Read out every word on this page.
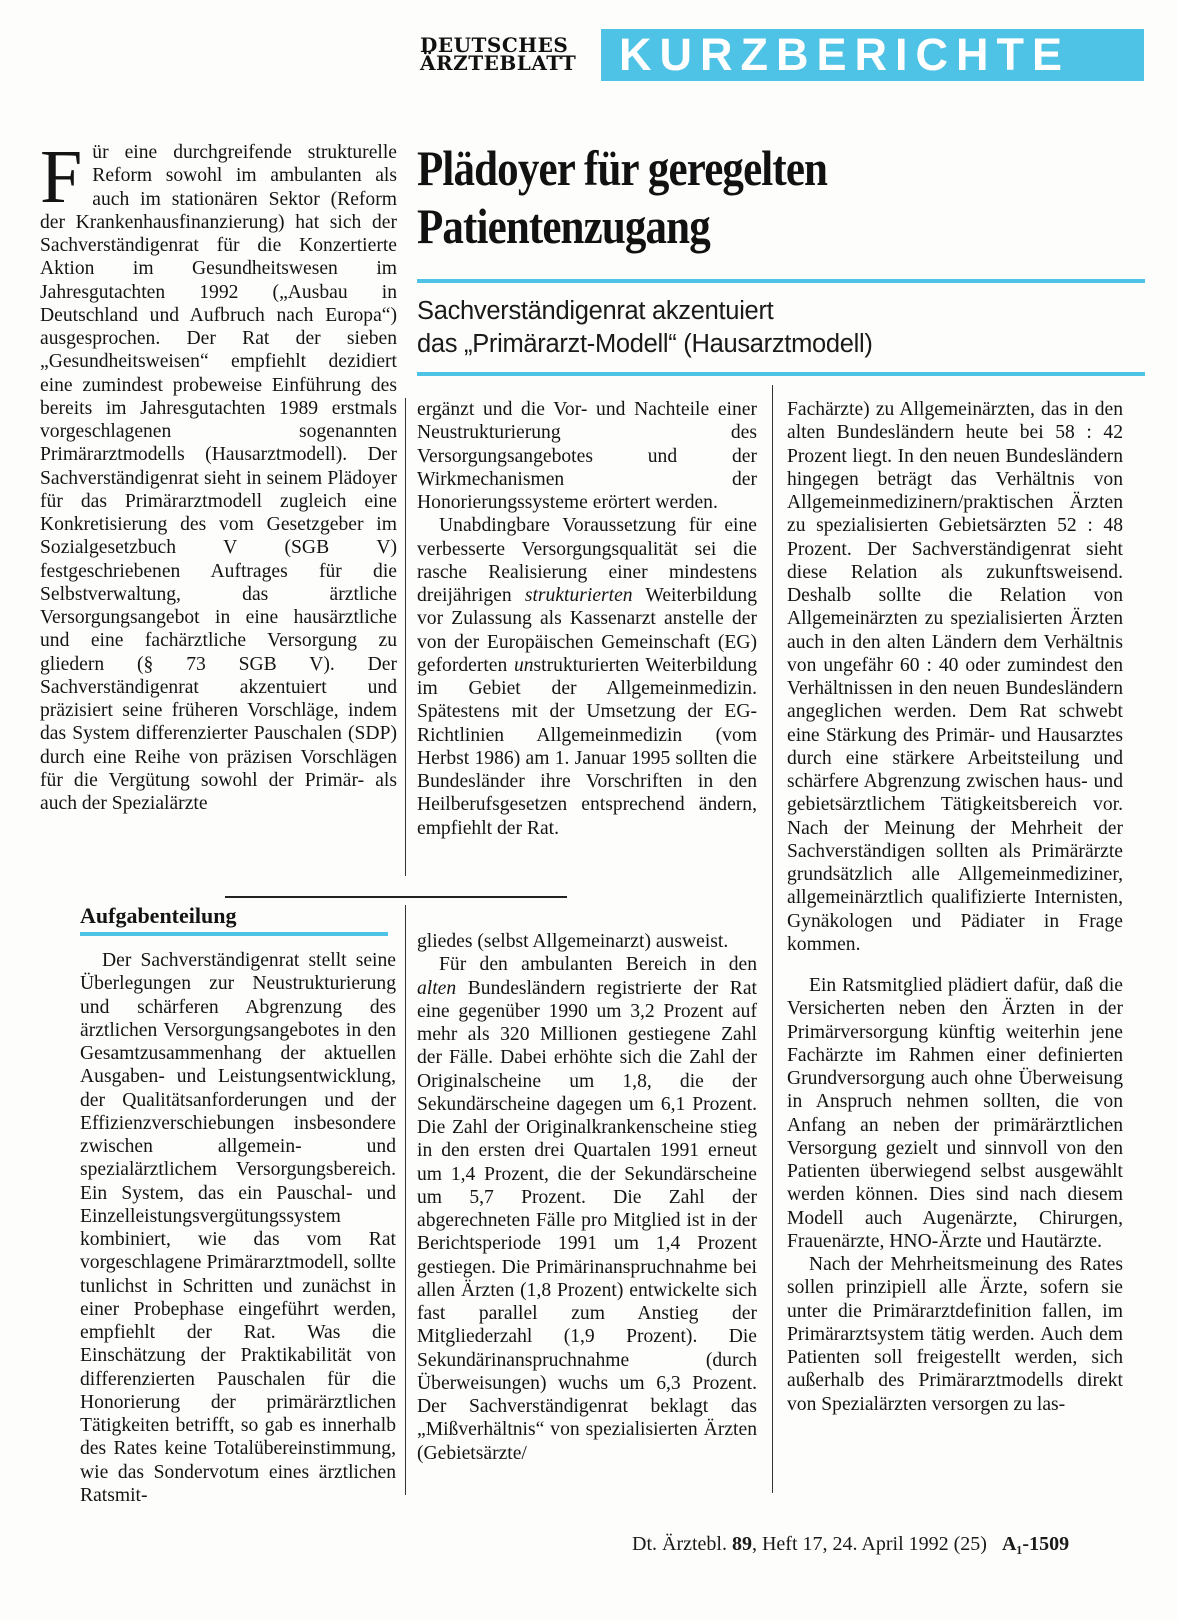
DEUTSCHES
ÄRZTEBLATT KURZBERICHTE
Plädoyer für geregelten
Patientenzugang
Sachverständigenrat akzentuiert
das „Primärarzt-Modell“ (Hausarztmodell)
F ür eine durchgreifende strukturelle Reform sowohl im ambulanten als auch im stationären Sektor (Reform der Krankenhausfinanzierung) hat sich der Sachverständigenrat für die Konzertierte Aktion im Gesundheitswesen im Jahresgutachten 1992 („Ausbau in Deutschland und Aufbruch nach Europa“) ausgesprochen. Der Rat der sieben „Gesundheitsweisen“ empfiehlt dezidiert eine zumindest probeweise Einführung des bereits im Jahresgutachten 1989 erstmals vorgeschlagenen sogenannten Primärarztmodells (Hausarztmodell). Der Sachverständigenrat sieht in seinem Plädoyer für das Primärarztmodell zugleich eine Konkretisierung des vom Gesetzgeber im Sozialgesetzbuch V (SGB V) festgeschriebenen Auftrages für die Selbstverwaltung, das ärztliche Versorgungsangebot in eine hausärztliche und eine fachärztliche Versorgung zu gliedern (§ 73 SGB V). Der Sachverständigenrat akzentuiert und präzisiert seine früheren Vorschläge, indem das System differenzierter Pauschalen (SDP) durch eine Reihe von präzisen Vorschlägen für die Vergütung sowohl der Primär- als auch der Spezialärzte

ergänzt und die Vor- und Nachteile einer Neustrukturierung des Versorgungsangebotes und der Wirkmechanismen der Honorierungssysteme erörtert werden.

Unabdingbare Voraussetzung für eine verbesserte Versorgungsqualität sei die rasche Realisierung einer mindestens dreijährigen strukturierten Weiterbildung vor Zulassung als Kassenarzt anstelle der von der Europäischen Gemeinschaft (EG) geforderten unstrukturierten Weiterbildung im Gebiet der Allgemeinmedizin. Spätestens mit der Umsetzung der EG-Richtlinien Allgemeinmedizin (vom Herbst 1986) am 1. Januar 1995 sollten die Bundesländer ihre Vorschriften in den Heilberufsgesetzen entsprechend ändern, empfiehlt der Rat.

Fachärzte) zu Allgemeinärzten, das in den alten Bundesländern heute bei 58 : 42 Prozent liegt. In den neuen Bundesländern hingegen beträgt das Verhältnis von Allgemeinmedizinern/praktischen Ärzten zu spezialisierten Gebietsärzten 52 : 48 Prozent. Der Sachverständigenrat sieht diese Relation als zukunftsweisend. Deshalb sollte die Relation von Allgemeinärzten zu spezialisierten Ärzten auch in den alten Ländern dem Verhältnis von ungefähr 60 : 40 oder zumindest den Verhältnissen in den neuen Bundesländern angeglichen werden. Dem Rat schwebt eine Stärkung des Primär- und Hausarztes durch eine stärkere Arbeitsteilung und schärfere Abgrenzung zwischen haus- und gebietsärztlichem Tätigkeitsbereich vor. Nach der Meinung der Mehrheit der Sachverständigen sollten als Primärärzte grundsätzlich alle Allgemeinmediziner, allgemeinärztlich qualifizierte Internisten, Gynäkologen und Pädiater in Frage kommen.

Aufgabenteilung

Der Sachverständigenrat stellt seine Überlegungen zur Neustrukturierung und schärferen Abgrenzung des ärztlichen Versorgungsangebotes in den Gesamtzusammenhang der aktuellen Ausgaben- und Leistungsentwicklung, der Qualitätsanforderungen und der Effizienzverschiebungen insbesondere zwischen allgemein- und spezialärztlichem Versorgungsbereich. Ein System, das ein Pauschal- und Einzelleistungsvergütungssystem kombiniert, wie das vom Rat vorgeschlagene Primärarztmodell, sollte tunlichst in Schritten und zunächst in einer Probephase eingeführt werden, empfiehlt der Rat. Was die Einschätzung der Praktikabilität von differenzierten Pauschalen für die Honorierung der primärärztlichen Tätigkeiten betrifft, so gab es innerhalb des Rates keine Totalübereinstimmung, wie das Sondervotum eines ärztlichen Ratsmit-

gliedes (selbst Allgemeinarzt) ausweist.

Für den ambulanten Bereich in den alten Bundesländern registrierte der Rat eine gegenüber 1990 um 3,2 Prozent auf mehr als 320 Millionen gestiegene Zahl der Fälle. Dabei erhöhte sich die Zahl der Originalscheine um 1,8, die der Sekundärscheine dagegen um 6,1 Prozent. Die Zahl der Originalkrankenscheine stieg in den ersten drei Quartalen 1991 erneut um 1,4 Prozent, die der Sekundärscheine um 5,7 Prozent. Die Zahl der abgerechneten Fälle pro Mitglied ist in der Berichtsperiode 1991 um 1,4 Prozent gestiegen. Die Primärinanspruchnahme bei allen Ärzten (1,8 Prozent) entwickelte sich fast parallel zum Anstieg der Mitgliederzahl (1,9 Prozent). Die Sekundärinanspruchnahme (durch Überweisungen) wuchs um 6,3 Prozent. Der Sachverständigenrat beklagt das „Mißverhältnis“ von spezialisierten Ärzten (Gebietsärzte/

Ein Ratsmitglied plädiert dafür, daß die Versicherten neben den Ärzten in der Primärversorgung künftig weiterhin jene Fachärzte im Rahmen einer definierten Grundversorgung auch ohne Überweisung in Anspruch nehmen sollten, die von Anfang an neben der primärärztlichen Versorgung gezielt und sinnvoll von den Patienten überwiegend selbst ausgewählt werden können. Dies sind nach diesem Modell auch Augenärzte, Chirurgen, Frauenärzte, HNO-Ärzte und Hautärzte.

Nach der Mehrheitsmeinung des Rates sollen prinzipiell alle Ärzte, sofern sie unter die Primärarztdefinition fallen, im Primärarztsystem tätig werden. Auch dem Patienten soll freigestellt werden, sich außerhalb des Primärarztmodells direkt von Spezialärzten versorgen zu las-

Dt. Ärztebl. 89, Heft 17, 24. April 1992 (25) A₁-1509
